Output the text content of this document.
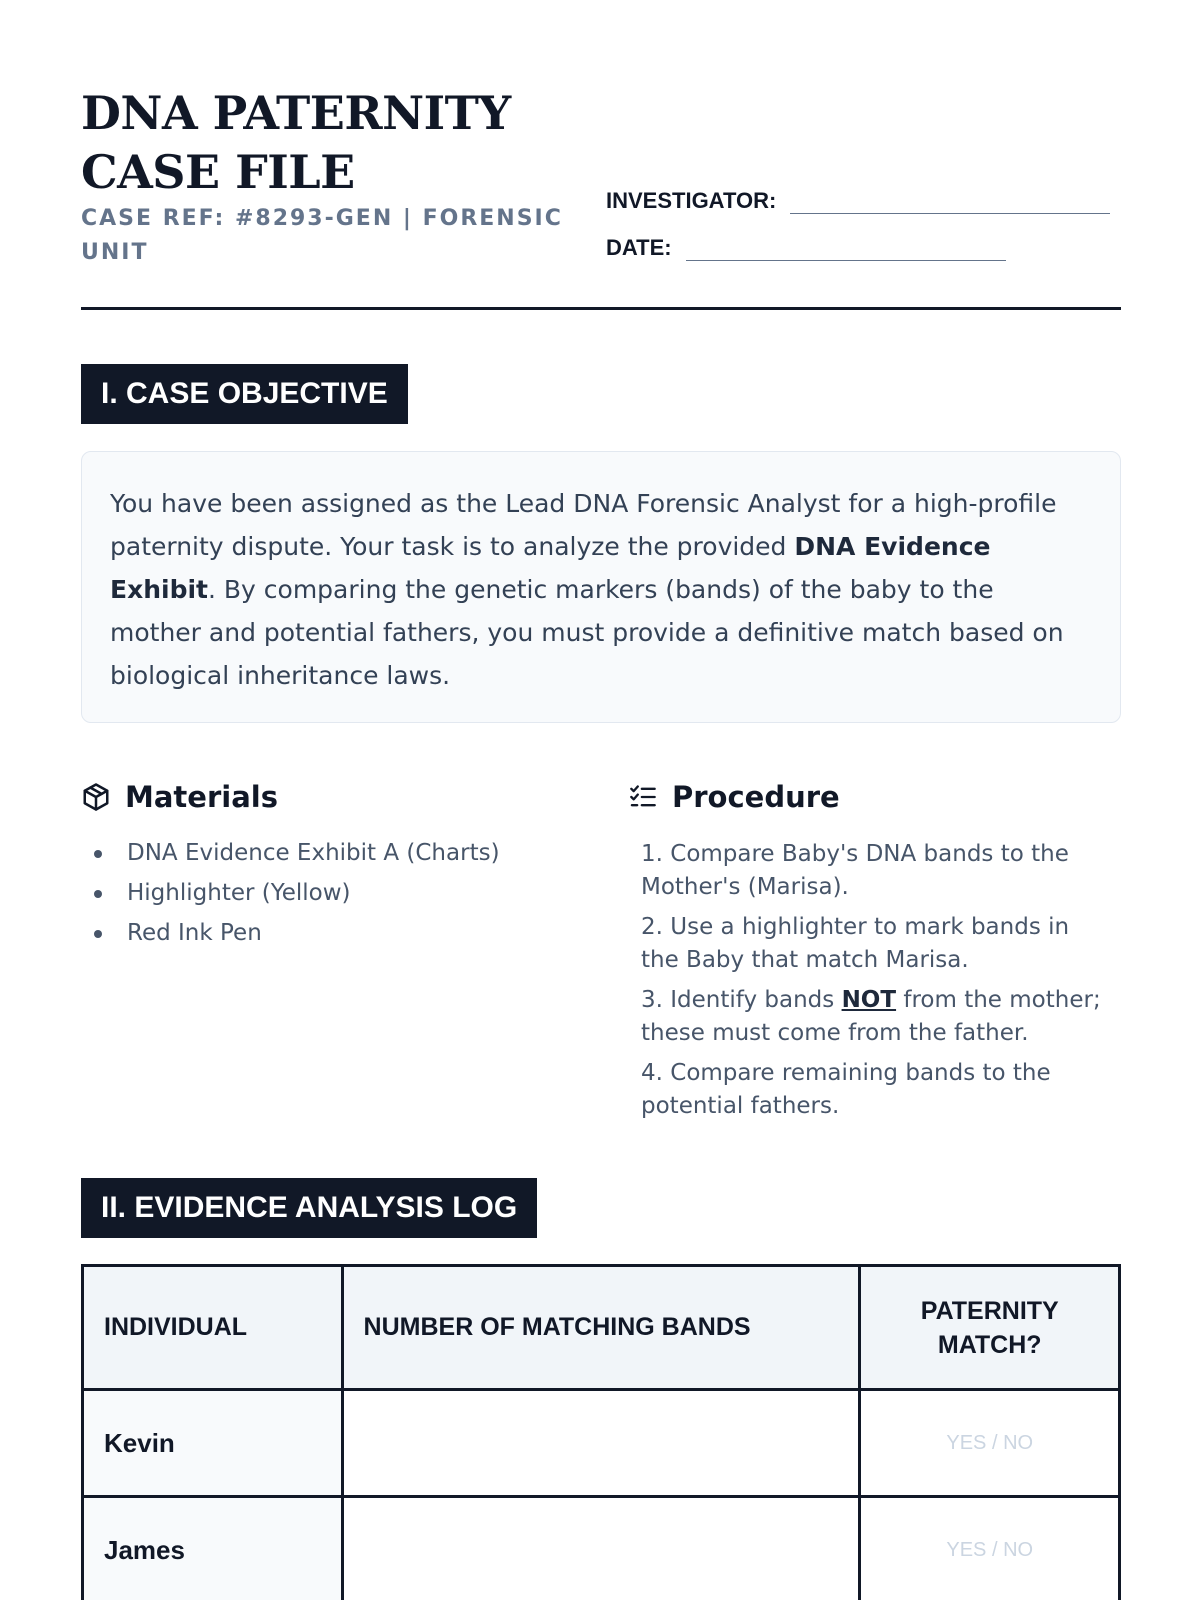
DNA PATERNITY
CASE FILE
CASE REF: #8293-GEN | FORENSIC
UNIT
INVESTIGATOR:
DATE:
I. CASE OBJECTIVE
You have been assigned as the Lead DNA Forensic Analyst for a high-profile paternity dispute. Your task is to analyze the provided DNA Evidence Exhibit. By comparing the genetic markers (bands) of the baby to the mother and potential fathers, you must provide a definitive match based on biological inheritance laws.
Materials
DNA Evidence Exhibit A (Charts)
Highlighter (Yellow)
Red Ink Pen
Procedure
1. Compare Baby's DNA bands to the Mother's (Marisa).
2. Use a highlighter to mark bands in the Baby that match Marisa.
3. Identify bands NOT from the mother; these must come from the father.
4. Compare remaining bands to the potential fathers.
II. EVIDENCE ANALYSIS LOG
INDIVIDUAL	NUMBER OF MATCHING BANDS	PATERNITY MATCH?
Kevin		YES / NO
James		YES / NO
